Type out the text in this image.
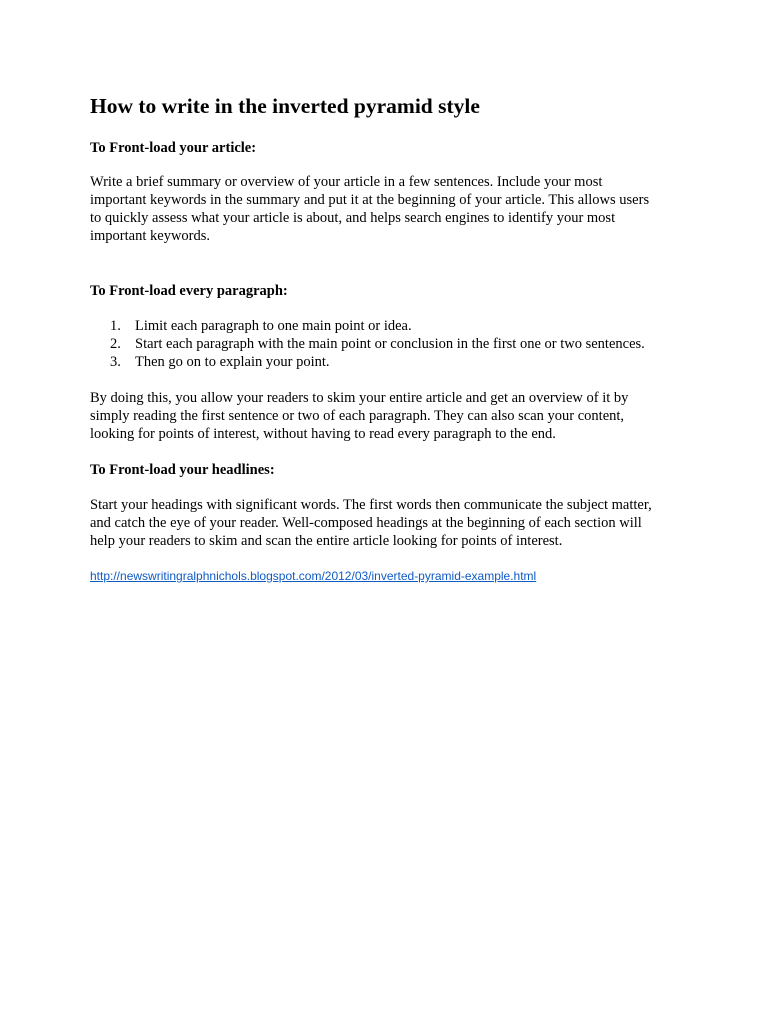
How to write in the inverted pyramid style
To Front-load your article:

Write a brief summary or overview of your article in a few sentences. Include your most
important keywords in the summary and put it at the beginning of your article. This allows users
to quickly assess what your article is about, and helps search engines to identify your most
important keywords.

To Front-load every paragraph:
1. Limit each paragraph to one main point or idea.
2. Start each paragraph with the main point or conclusion in the first one or two sentences.
3. Then go on to explain your point.

By doing this, you allow your readers to skim your entire article and get an overview of it by
simply reading the first sentence or two of each paragraph. They can also scan your content,
looking for points of interest, without having to read every paragraph to the end.

To Front-load your headlines:

Start your headings with significant words. The first words then communicate the subject matter,
and catch the eye of your reader. Well-composed headings at the beginning of each section will
help your readers to skim and scan the entire article looking for points of interest.

http://newswritingralphnichols.blogspot.com/2012/03/inverted-pyramid-example.html
